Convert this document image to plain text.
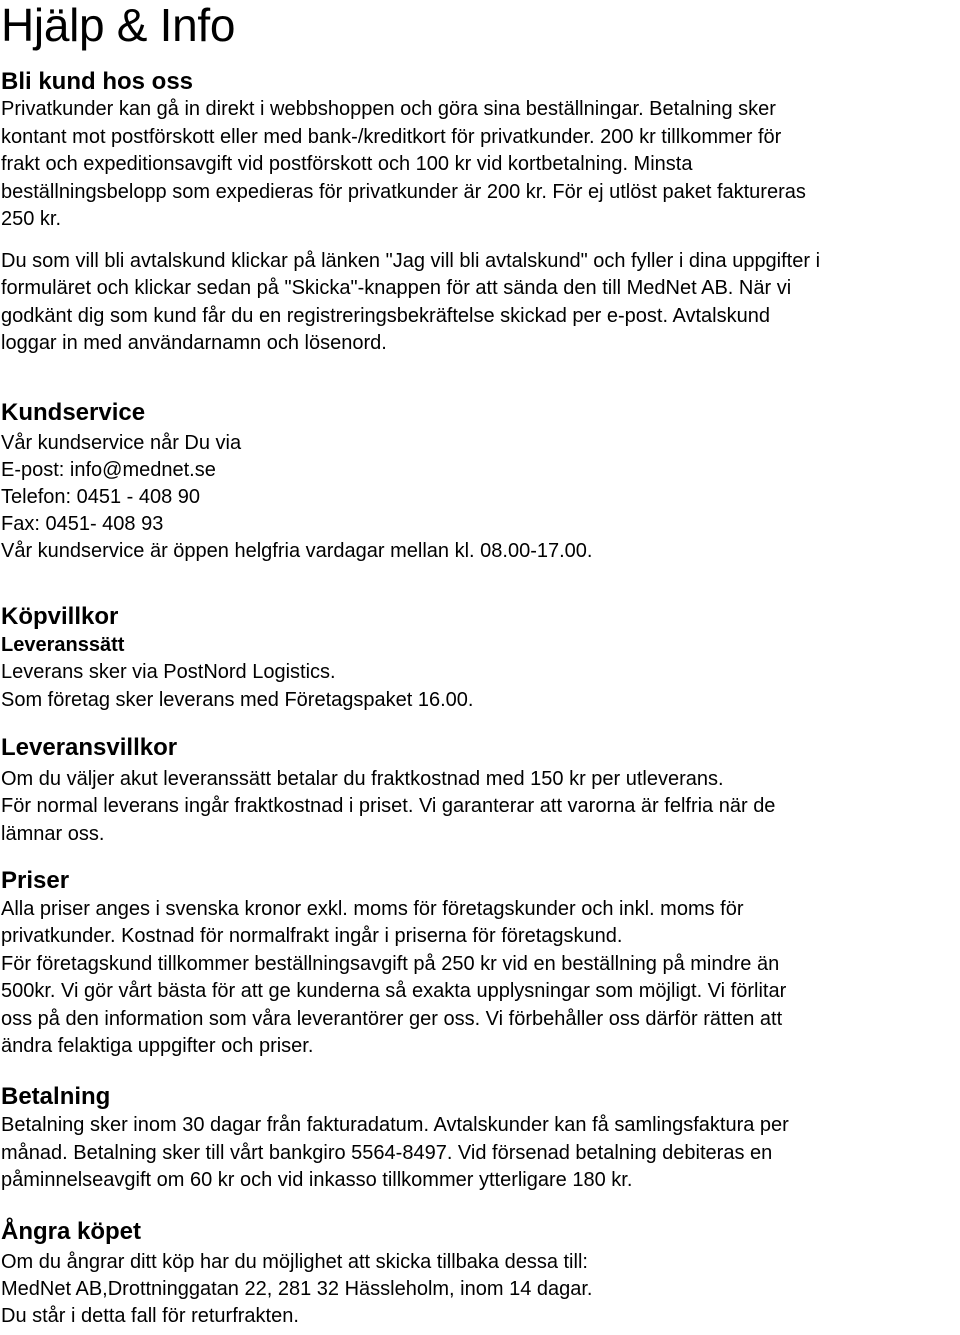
Hjälp & Info
Bli kund hos oss

Privatkunder kan gå in direkt i webbshoppen och göra sina beställningar. Betalning sker
kontant mot postförskott eller med bank-/kreditkort för privatkunder. 200 kr tillkommer för
frakt och expeditionsavgift vid postförskott och 100 kr vid kortbetalning. Minsta
beställningsbelopp som expedieras för privatkunder är 200 kr. För ej utlöst paket faktureras
250 kr.

Du som vill bli avtalskund klickar på länken "Jag vill bli avtalskund" och fyller i dina uppgifter i
formuläret och klickar sedan på "Skicka"-knappen för att sända den till MedNet AB. När vi
godkänt dig som kund får du en registreringsbekräftelse skickad per e-post. Avtalskund
loggar in med användarnamn och lösenord.

Kundservice

Vår kundservice når Du via
E-post: info@mednet.se
Telefon: 0451 - 408 90
Fax: 0451- 408 93
Vår kundservice är öppen helgfria vardagar mellan kl. 08.00-17.00.

Köpvillkor
Leveranssätt

Leverans sker via PostNord Logistics.
Som företag sker leverans med Företagspaket 16.00.

Leveransvillkor

Om du väljer akut leveranssätt betalar du fraktkostnad med 150 kr per utleverans.
För normal leverans ingår fraktkostnad i priset. Vi garanterar att varorna är felfria när de
lämnar oss.

Priser

Alla priser anges i svenska kronor exkl. moms för företagskunder och inkl. moms för
privatkunder. Kostnad för normalfrakt ingår i priserna för företagskund.
För företagskund tillkommer beställningsavgift på 250 kr vid en beställning på mindre än
500kr. Vi gör vårt bästa för att ge kunderna så exakta upplysningar som möjligt. Vi förlitar
oss på den information som våra leverantörer ger oss. Vi förbehåller oss därför rätten att
ändra felaktiga uppgifter och priser.

Betalning

Betalning sker inom 30 dagar från fakturadatum. Avtalskunder kan få samlingsfaktura per
månad. Betalning sker till vårt bankgiro 5564-8497. Vid försenad betalning debiteras en
påminnelseavgift om 60 kr och vid inkasso tillkommer ytterligare 180 kr.

Ångra köpet

Om du ångrar ditt köp har du möjlighet att skicka tillbaka dessa till:
MedNet AB,Drottninggatan 22, 281 32 Hässleholm, inom 14 dagar.
Du står i detta fall för returfrakten.
